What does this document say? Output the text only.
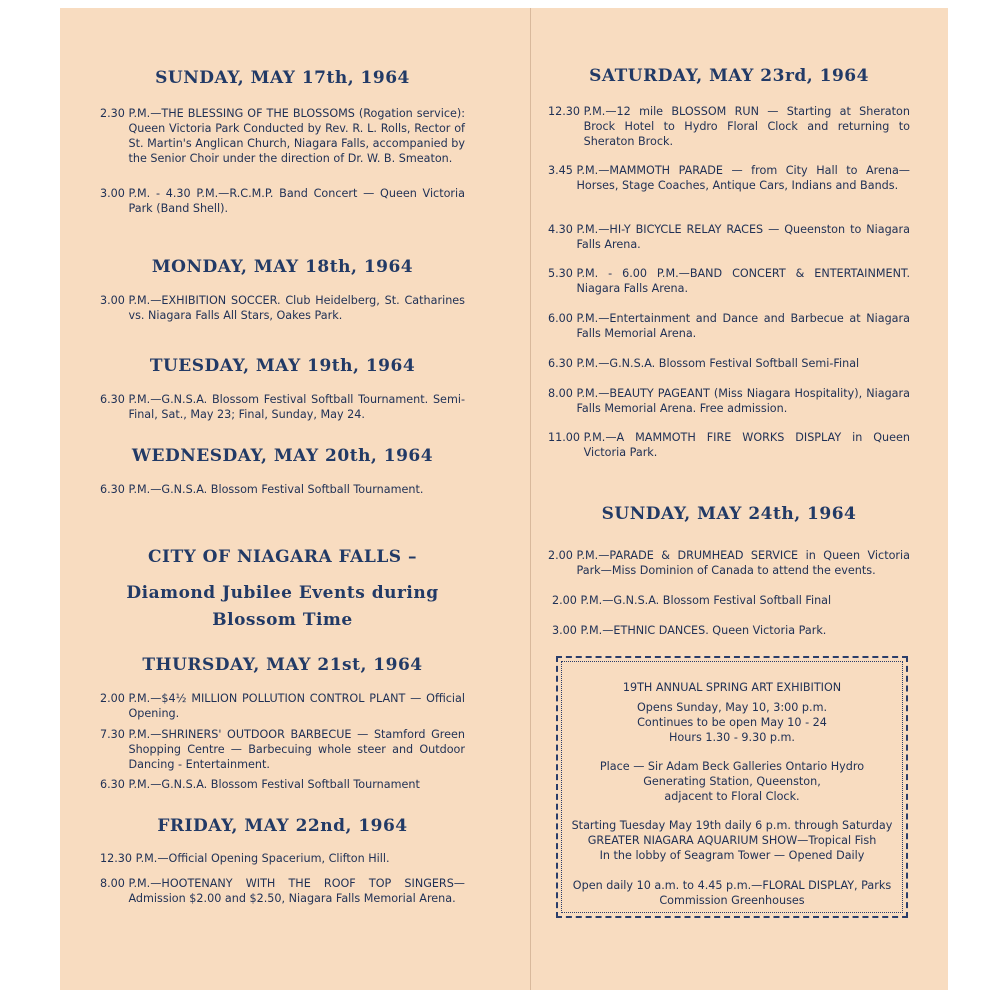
SUNDAY, MAY 17th, 1964
2.30 P.M.—THE BLESSING OF THE BLOSSOMS (Rogation service): Queen Victoria Park Conducted by Rev. R. L. Rolls, Rector of St. Martin's Anglican Church, Niagara Falls, accompanied by the Senior Choir under the direction of Dr. W. B. Smeaton.
3.00 P.M. - 4.30 P.M.—R.C.M.P. Band Concert — Queen Victoria Park (Band Shell).
MONDAY, MAY 18th, 1964
3.00 P.M.—EXHIBITION SOCCER. Club Heidelberg, St. Catharines vs. Niagara Falls All Stars, Oakes Park.
TUESDAY, MAY 19th, 1964
6.30 P.M.—G.N.S.A. Blossom Festival Softball Tournament. Semi-Final, Sat., May 23; Final, Sunday, May 24.
WEDNESDAY, MAY 20th, 1964
6.30 P.M.—G.N.S.A. Blossom Festival Softball Tournament.
CITY OF NIAGARA FALLS –
Diamond Jubilee Events during
Blossom Time
THURSDAY, MAY 21st, 1964
2.00 P.M.—$4½ MILLION POLLUTION CONTROL PLANT — Official Opening.
7.30 P.M.—SHRINERS' OUTDOOR BARBECUE — Stamford Green Shopping Centre — Barbecuing whole steer and Outdoor Dancing - Entertainment.
6.30 P.M.—G.N.S.A. Blossom Festival Softball Tournament
FRIDAY, MAY 22nd, 1964
12.30 P.M.—Official Opening Spacerium, Clifton Hill.
8.00 P.M.—HOOTENANY WITH THE ROOF TOP SINGERS—Admission $2.00 and $2.50, Niagara Falls Memorial Arena.
SATURDAY, MAY 23rd, 1964
12.30 P.M.—12 mile BLOSSOM RUN — Starting at Sheraton Brock Hotel to Hydro Floral Clock and returning to Sheraton Brock.
3.45 P.M.—MAMMOTH PARADE — from City Hall to Arena—Horses, Stage Coaches, Antique Cars, Indians and Bands.
4.30 P.M.—HI-Y BICYCLE RELAY RACES — Queenston to Niagara Falls Arena.
5.30 P.M. - 6.00 P.M.—BAND CONCERT & ENTERTAINMENT. Niagara Falls Arena.
6.00 P.M.—Entertainment and Dance and Barbecue at Niagara Falls Memorial Arena.
6.30 P.M.—G.N.S.A. Blossom Festival Softball Semi-Final
8.00 P.M.—BEAUTY PAGEANT (Miss Niagara Hospitality), Niagara Falls Memorial Arena. Free admission.
11.00 P.M.—A MAMMOTH FIRE WORKS DISPLAY in Queen Victoria Park.
SUNDAY, MAY 24th, 1964
2.00 P.M.—PARADE & DRUMHEAD SERVICE in Queen Victoria Park—Miss Dominion of Canada to attend the events.
2.00 P.M.—G.N.S.A. Blossom Festival Softball Final
3.00 P.M.—ETHNIC DANCES. Queen Victoria Park.
19TH ANNUAL SPRING ART EXHIBITION
Opens Sunday, May 10, 3:00 p.m.
Continues to be open May 10 - 24
Hours 1.30 - 9.30 p.m.
Place — Sir Adam Beck Galleries Ontario Hydro
Generating Station, Queenston,
adjacent to Floral Clock.
Starting Tuesday May 19th daily 6 p.m. through Saturday
GREATER NIAGARA AQUARIUM SHOW—Tropical Fish
In the lobby of Seagram Tower — Opened Daily
Open daily 10 a.m. to 4.45 p.m.—FLORAL DISPLAY, Parks
Commission Greenhouses
